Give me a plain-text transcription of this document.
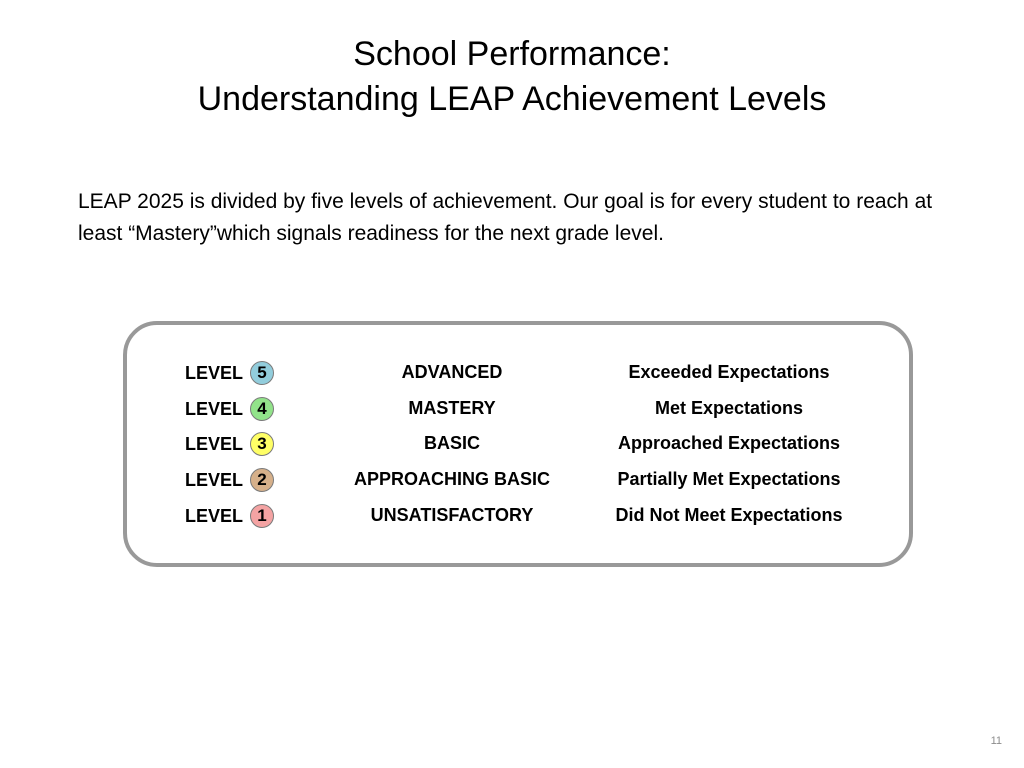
School Performance:
Understanding LEAP Achievement Levels
LEAP 2025 is divided by five levels of achievement. Our goal is for every student to reach at least “Mastery”which signals readiness for the next grade level.
LEVEL 5	ADVANCED	Exceeded Expectations
LEVEL 4	MASTERY	Met Expectations
LEVEL 3	BASIC	Approached Expectations
LEVEL 2	APPROACHING BASIC	Partially Met Expectations
LEVEL 1	UNSATISFACTORY	Did Not Meet Expectations
11
